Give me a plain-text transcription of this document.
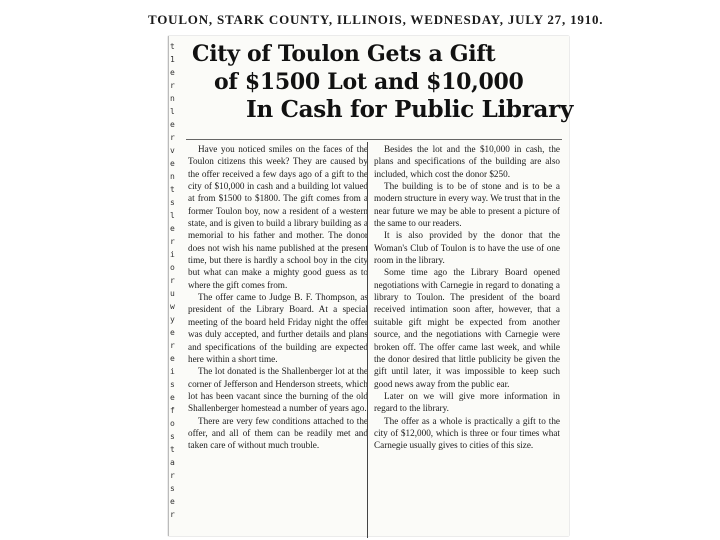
TOULON, STARK COUNTY, ILLINOIS, WEDNESDAY, JULY 27, 1910.
t
1
e
r
n
l
e
r
v
e
n
t
s
l
e
r
i
o
r
u
w
y
e
r
e
i
s
e
f
o
s
t
a
r
s
e
r
City of Toulon Gets a Gift
of $1500 Lot and $10,000
In Cash for Public Library

Have you noticed smiles on the faces of the Toulon citizens this week? They are caused by the offer received a few days ago of a gift to the city of $10,000 in cash and a building lot valued at from $1500 to $1800. The gift comes from a former Toulon boy, now a resident of a western state, and is given to build a library building as a memorial to his father and mother. The donor does not wish his name published at the present time, but there is hardly a school boy in the city but what can make a mighty good guess as to where the gift comes from.

The offer came to Judge B. F. Thompson, as president of the Library Board. At a special meeting of the board held Friday night the offer was duly accepted, and further details and plans and specifications of the building are expected here within a short time.

The lot donated is the Shallenberger lot at the corner of Jefferson and Henderson streets, which lot has been vacant since the burning of the old Shallenberger homestead a number of years ago.

There are very few conditions attached to the offer, and all of them can be readily met and taken care of without much trouble.

Besides the lot and the $10,000 in cash, the plans and specifications of the building are also included, which cost the donor $250.

The building is to be of stone and is to be a modern structure in every way. We trust that in the near future we may be able to present a picture of the same to our readers.

It is also provided by the donor that the Woman's Club of Toulon is to have the use of one room in the library.

Some time ago the Library Board opened negotiations with Carnegie in regard to donating a library to Toulon. The president of the board received intimation soon after, however, that a suitable gift might be expected from another source, and the negotiations with Carnegie were broken off. The offer came last week, and while the donor desired that little publicity be given the gift until later, it was impossible to keep such good news away from the public ear.

Later on we will give more information in regard to the library.

The offer as a whole is practically a gift to the city of $12,000, which is three or four times what Carnegie usually gives to cities of this size.
